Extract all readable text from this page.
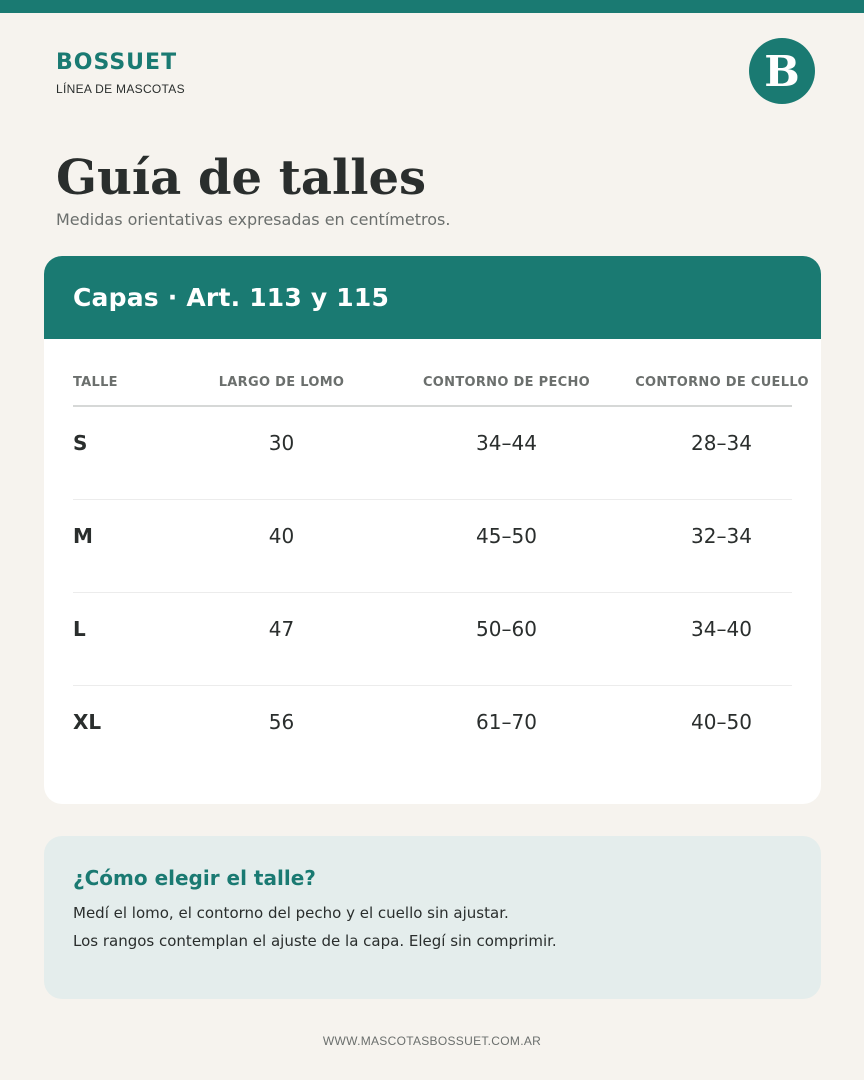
BOSSUET
LÍNEA DE MASCOTAS	B
Guía de talles
Medidas orientativas expresadas en centímetros.
Capas · Art. 113 y 115
TALLE	LARGO DE LOMO	CONTORNO DE PECHO	CONTORNO DE CUELLO
S	30	34–44	28–34
M	40	45–50	32–34
L	47	50–60	34–40
XL	56	61–70	40–50
¿Cómo elegir el talle?
Medí el lomo, el contorno del pecho y el cuello sin ajustar.
Los rangos contemplan el ajuste de la capa. Elegí sin comprimir.
WWW.MASCOTASBOSSUET.COM.AR
